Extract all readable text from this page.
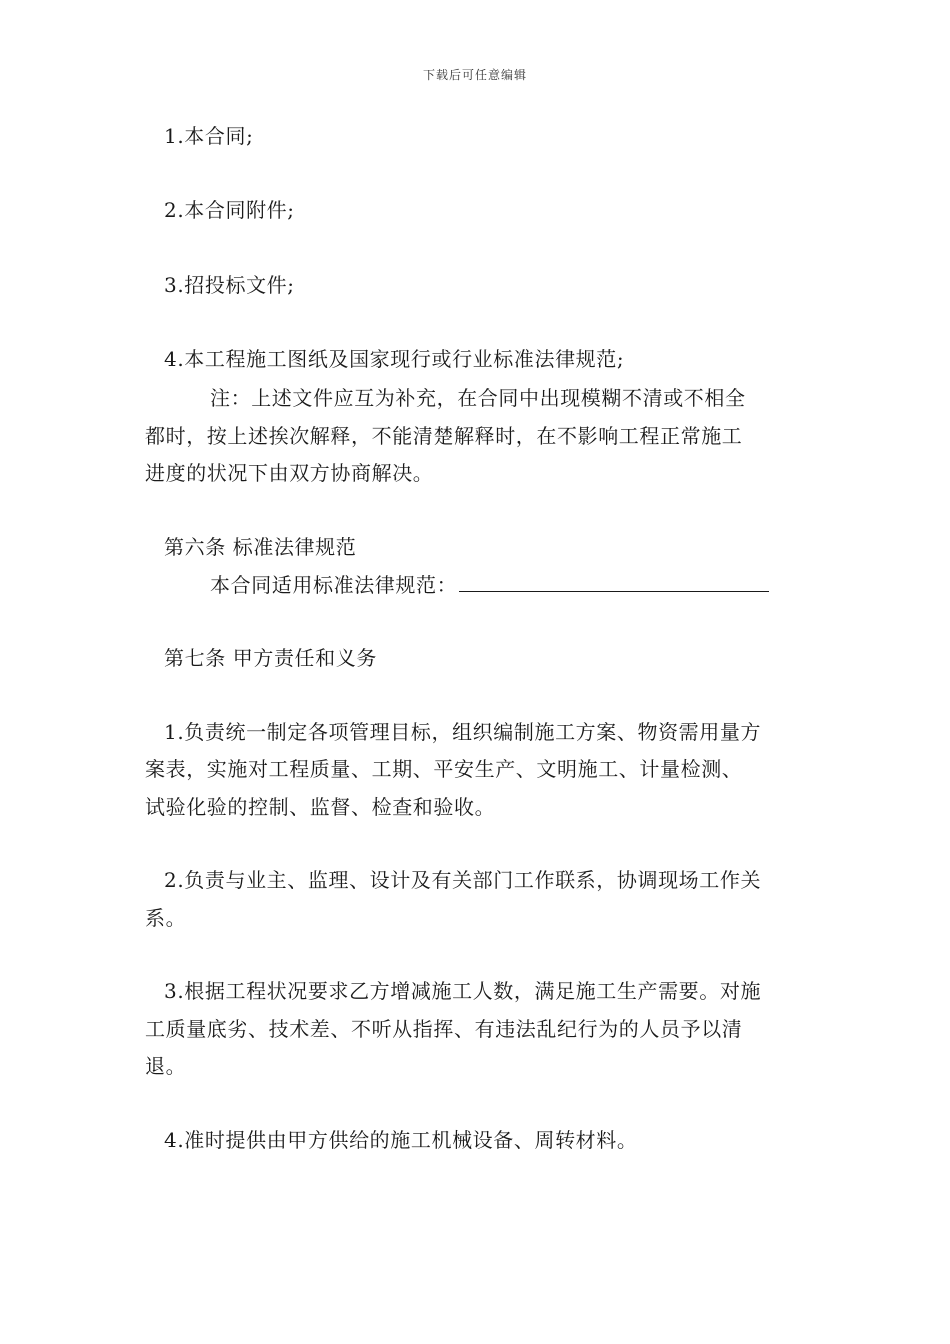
下载后可任意编辑
1.本合同;
2.本合同附件;
3.招投标文件;
4.本工程施工图纸及国家现行或行业标准法律规范;
注：上述文件应互为补充，在合同中出现模糊不清或不相全
都时，按上述挨次解释，不能清楚解释时，在不影响工程正常施工
进度的状况下由双方协商解决。
第六条 标准法律规范
本合同适用标准法律规范：
第七条 甲方责任和义务
1.负责统一制定各项管理目标，组织编制施工方案、物资需用量方
案表，实施对工程质量、工期、平安生产、文明施工、计量检测、
试验化验的控制、监督、检查和验收。
2.负责与业主、监理、设计及有关部门工作联系，协调现场工作关
系。
3.根据工程状况要求乙方增减施工人数，满足施工生产需要。对施
工质量底劣、技术差、不听从指挥、有违法乱纪行为的人员予以清
退。
4.准时提供由甲方供给的施工机械设备、周转材料。
